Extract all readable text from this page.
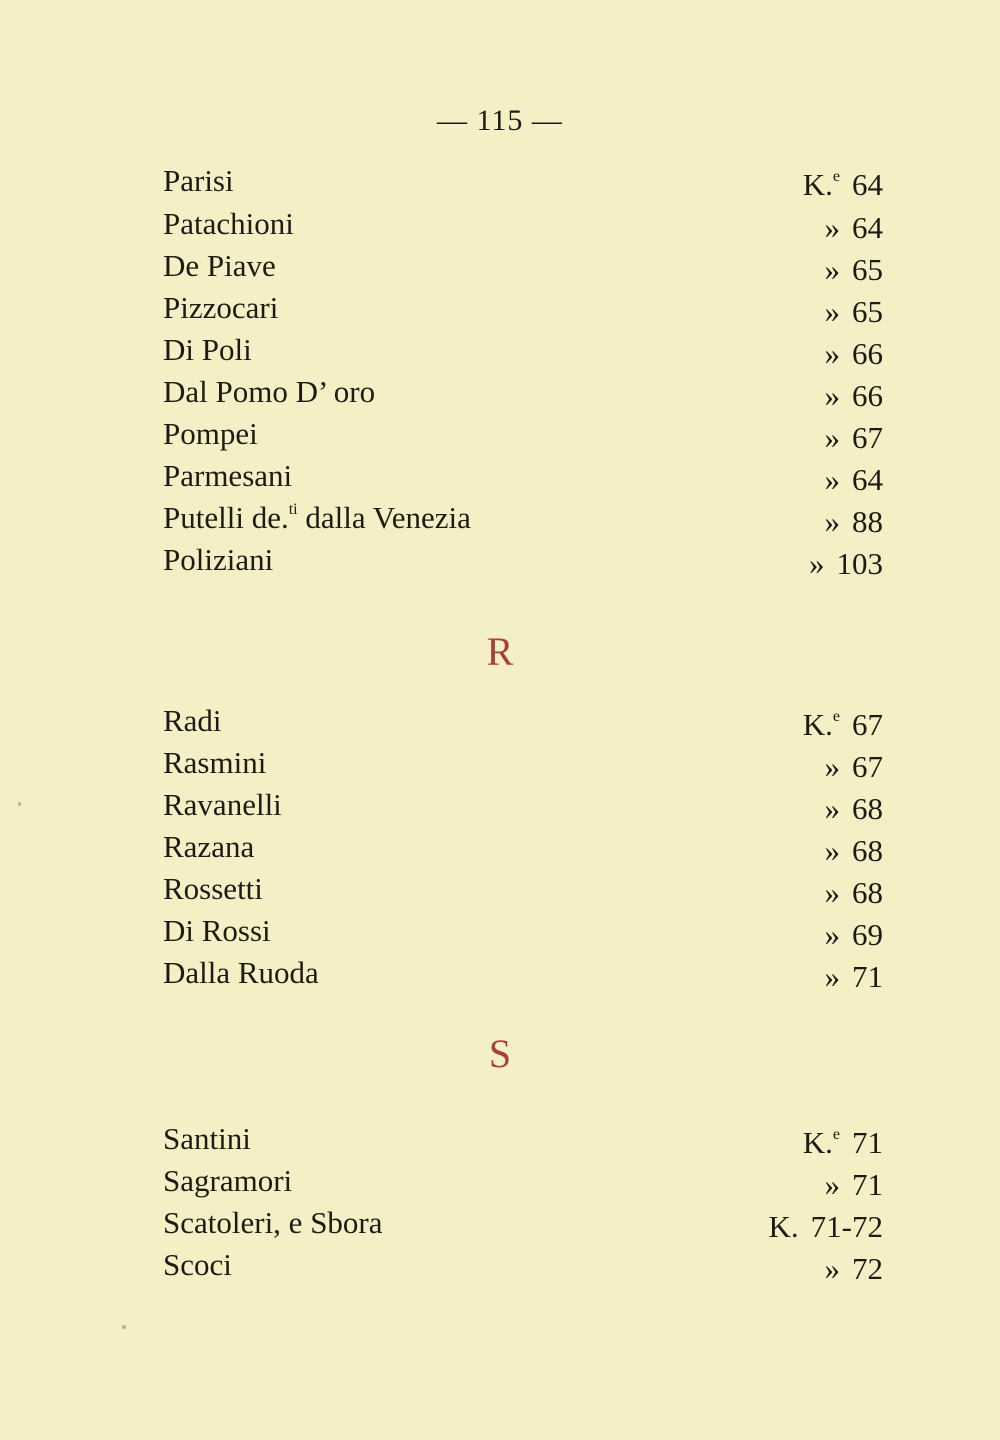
— 115 —
Parisi	K.$^e$ 64
Patachioni	» 64
De Piave	» 65
Pizzocari	» 65
Di Poli	» 66
Dal Pomo D’ oro	» 66
Pompei	» 67
Parmesani	» 64
Putelli de.$^{ti}$ dalla Venezia	» 88
Poliziani	» 103
R
Radi	K.$^e$ 67
Rasmini	» 67
Ravanelli	» 68
Razana	» 68
Rossetti	» 68
Di Rossi	» 69
Dalla Ruoda	» 71
S
Santini	K.$^e$ 71
Sagramori	» 71
Scatoleri, e Sbora	K. 71-72
Scoci	» 72
